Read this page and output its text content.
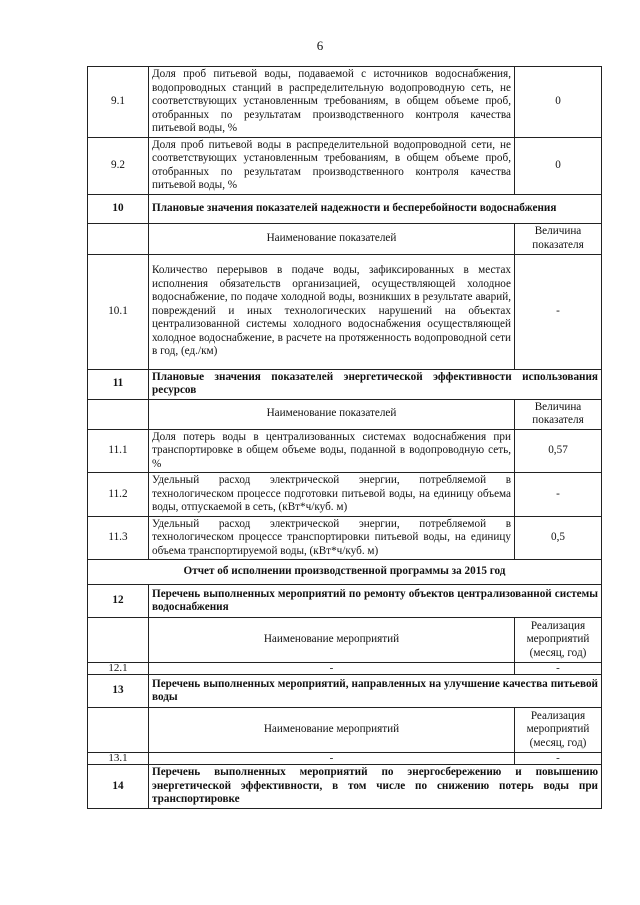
6
9.1	Доля проб питьевой воды, подаваемой с источников водоснабжения, водопроводных станций в распределительную водопроводную сеть, не соответствующих установленным требованиям, в общем объеме проб, отобранных по результатам производственного контроля качества питьевой воды, %	0
9.2	Доля проб питьевой воды в распределительной водопроводной сети, не соответствующих установленным требованиям, в общем объеме проб, отобранных по результатам производственного контроля качества питьевой воды, %	0
10	Плановые значения показателей надежности и бесперебойности водоснабжения	
	Наименование показателей	Величина показателя
10.1	Количество перерывов в подаче воды, зафиксированных в местах исполнения обязательств организацией, осуществляющей холодное водоснабжение, по подаче холодной воды, возникших в результате аварий, повреждений и иных технологических нарушений на объектах централизованной системы холодного водоснабжения осуществляющей холодное водоснабжение, в расчете на протяженность водопроводной сети в год, (ед./км)	-
11	Плановые значения показателей энергетической эффективности использования ресурсов	
	Наименование показателей	Величина показателя
11.1	Доля потерь воды в централизованных системах водоснабжения при транспортировке в общем объеме воды, поданной в водопроводную сеть, %	0,57
11.2	Удельный расход электрической энергии, потребляемой в технологическом процессе подготовки питьевой воды, на единицу объема воды, отпускаемой в сеть, (кВт*ч/куб. м)	-
11.3	Удельный расход электрической энергии, потребляемой в технологическом процессе транспортировки питьевой воды, на единицу объема транспортируемой воды, (кВт*ч/куб. м)	0,5
Отчет об исполнении производственной программы за 2015 год		
12	Перечень выполненных мероприятий по ремонту объектов централизованной системы водоснабжения	
	Наименование мероприятий	Реализация мероприятий (месяц, год)
12.1	-	-
13	Перечень выполненных мероприятий, направленных на улучшение качества питьевой воды	
	Наименование мероприятий	Реализация мероприятий (месяц, год)
13.1	-	-
14	Перечень выполненных мероприятий по энергосбережению и повышению энергетической эффективности, в том числе по снижению потерь воды при транспортировке	
